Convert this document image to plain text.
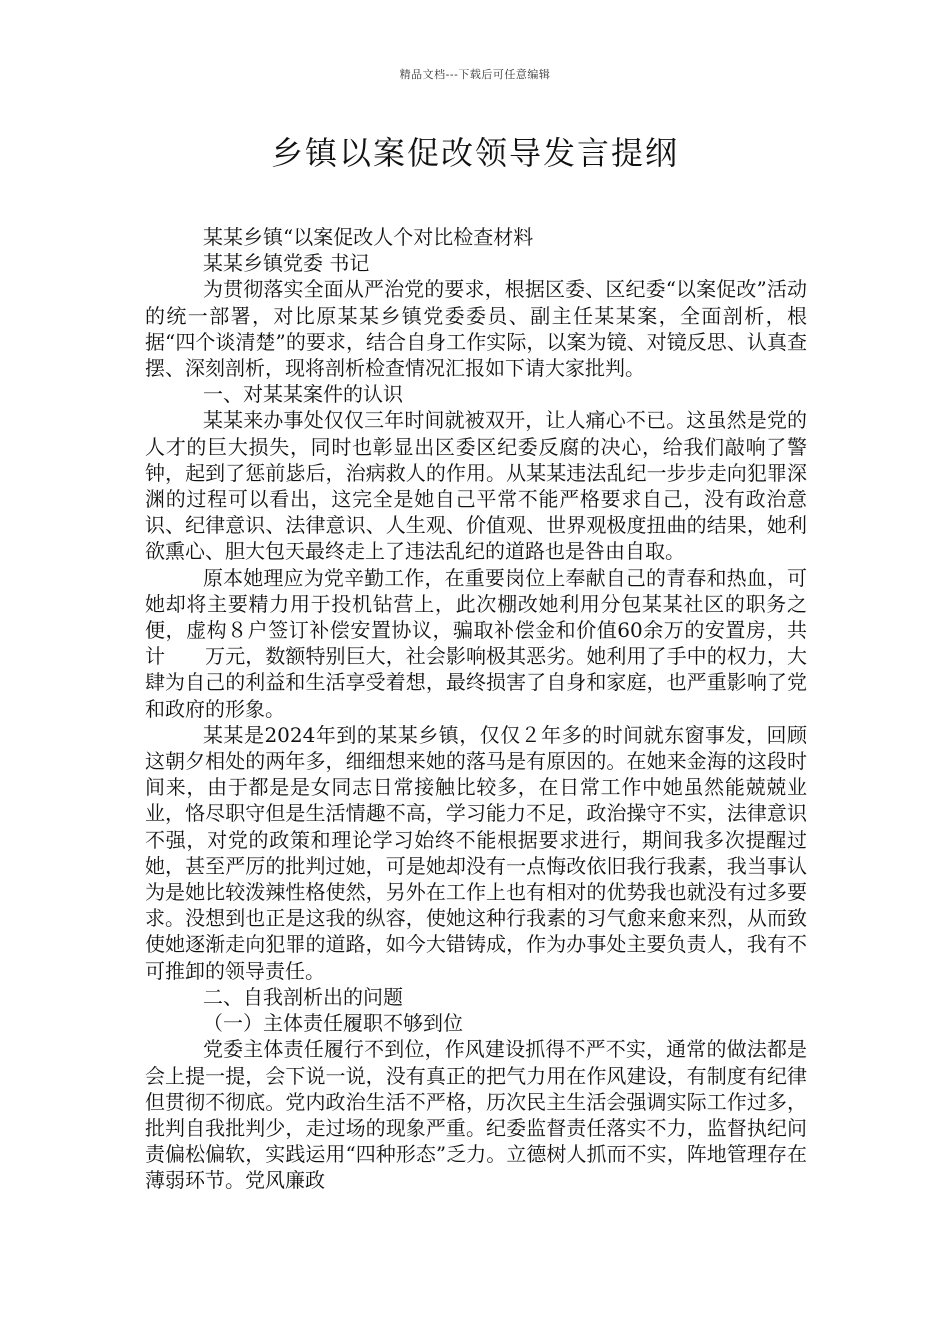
精品文档---下载后可任意编辑
乡镇以案促改领导发言提纲

某某乡镇“以案促改人个对比检查材料

某某乡镇党委 书记

为贯彻落实全面从严治党的要求，根据区委、区纪委“以案促改”活动的统一部署，对比原某某乡镇党委委员、副主任某某案，全面剖析，根据“四个谈清楚”的要求，结合自身工作实际，以案为镜、对镜反思、认真查摆、深刻剖析，现将剖析检查情况汇报如下请大家批判。

一、对某某案件的认识

某某来办事处仅仅三年时间就被双开，让人痛心不已。这虽然是党的人才的巨大损失，同时也彰显出区委区纪委反腐的决心，给我们敲响了警钟，起到了惩前毖后，治病救人的作用。从某某违法乱纪一步步走向犯罪深渊的过程可以看出，这完全是她自己平常不能严格要求自己，没有政治意识、纪律意识、法律意识、人生观、价值观、世界观极度扭曲的结果，她利欲熏心、胆大包天最终走上了违法乱纪的道路也是咎由自取。

原本她理应为党辛勤工作，在重要岗位上奉献自己的青春和热血，可她却将主要精力用于投机钻营上，此次棚改她利用分包某某社区的职务之便，虚构８户签订补偿安置协议，骗取补偿金和价值60余万的安置房，共计　　万元，数额特别巨大，社会影响极其恶劣。她利用了手中的权力，大肆为自己的利益和生活享受着想，最终损害了自身和家庭，也严重影响了党和政府的形象。

某某是2024年到的某某乡镇，仅仅２年多的时间就东窗事发，回顾这朝夕相处的两年多，细细想来她的落马是有原因的。在她来金海的这段时间来，由于都是是女同志日常接触比较多，在日常工作中她虽然能兢兢业业，恪尽职守但是生活情趣不高，学习能力不足，政治操守不实，法律意识不强，对党的政策和理论学习始终不能根据要求进行，期间我多次提醒过她，甚至严厉的批判过她，可是她却没有一点悔改依旧我行我素，我当事认为是她比较泼辣性格使然，另外在工作上也有相对的优势我也就没有过多要求。没想到也正是这我的纵容，使她这种行我素的习气愈来愈来烈，从而致使她逐渐走向犯罪的道路，如今大错铸成，作为办事处主要负责人，我有不可推卸的领导责任。

二、自我剖析出的问题

（一）主体责任履职不够到位

党委主体责任履行不到位，作风建设抓得不严不实，通常的做法都是会上提一提，会下说一说，没有真正的把气力用在作风建设，有制度有纪律但贯彻不彻底。党内政治生活不严格，历次民主生活会强调实际工作过多，批判自我批判少，走过场的现象严重。纪委监督责任落实不力，监督执纪问责偏松偏软，实践运用“四种形态”乏力。立德树人抓而不实，阵地管理存在薄弱环节。党风廉政
